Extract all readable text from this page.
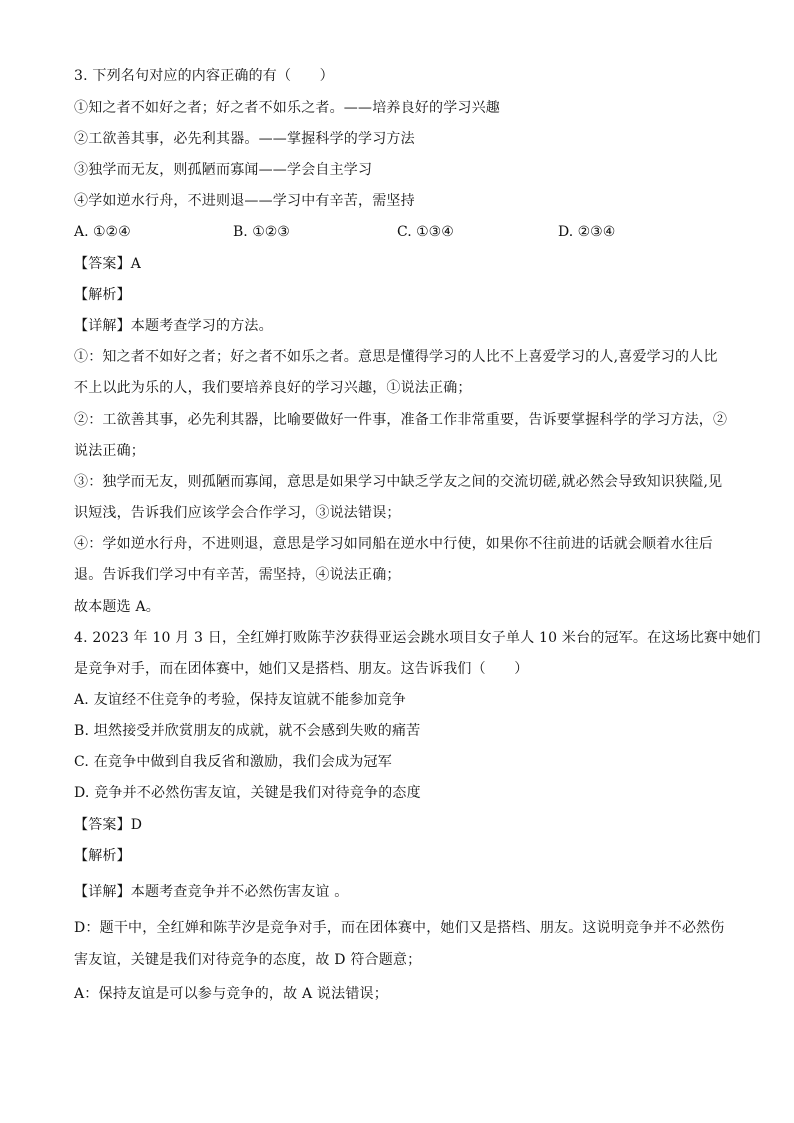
3. 下列名句对应的内容正确的有（　　）
①知之者不如好之者；好之者不如乐之者。——培养良好的学习兴趣
②工欲善其事，必先利其器。——掌握科学的学习方法
③独学而无友，则孤陋而寡闻——学会自主学习
④学如逆水行舟，不进则退——学习中有辛苦，需坚持
A. ①②④	B. ①②③	C. ①③④	D. ②③④
【答案】A
【解析】
【详解】本题考查学习的方法。
①：知之者不如好之者；好之者不如乐之者。意思是懂得学习的人比不上喜爱学习的人,喜爱学习的人比
不上以此为乐的人，我们要培养良好的学习兴趣，①说法正确；
②：工欲善其事，必先利其器，比喻要做好一件事，准备工作非常重要，告诉要掌握科学的学习方法，②
说法正确；
③：独学而无友，则孤陋而寡闻，意思是如果学习中缺乏学友之间的交流切磋,就必然会导致知识狭隘,见
识短浅，告诉我们应该学会合作学习，③说法错误；
④：学如逆水行舟，不进则退，意思是学习如同船在逆水中行使，如果你不往前进的话就会顺着水往后
退。告诉我们学习中有辛苦，需坚持，④说法正确；
故本题选 A。
4. 2023 年 10 月 3 日，全红婵打败陈芋汐获得亚运会跳水项目女子单人 10 米台的冠军。在这场比赛中她们
是竞争对手，而在团体赛中，她们又是搭档、朋友。这告诉我们（　　）
A. 友谊经不住竞争的考验，保持友谊就不能参加竞争
B. 坦然接受并欣赏朋友的成就，就不会感到失败的痛苦
C. 在竞争中做到自我反省和激励，我们会成为冠军
D. 竞争并不必然伤害友谊，关键是我们对待竞争的态度
【答案】D
【解析】
【详解】本题考查竞争并不必然伤害友谊 。
D：题干中，全红婵和陈芋汐是竞争对手，而在团体赛中，她们又是搭档、朋友。这说明竞争并不必然伤
害友谊，关键是我们对待竞争的态度，故 D 符合题意；
A：保持友谊是可以参与竞争的，故 A 说法错误；
